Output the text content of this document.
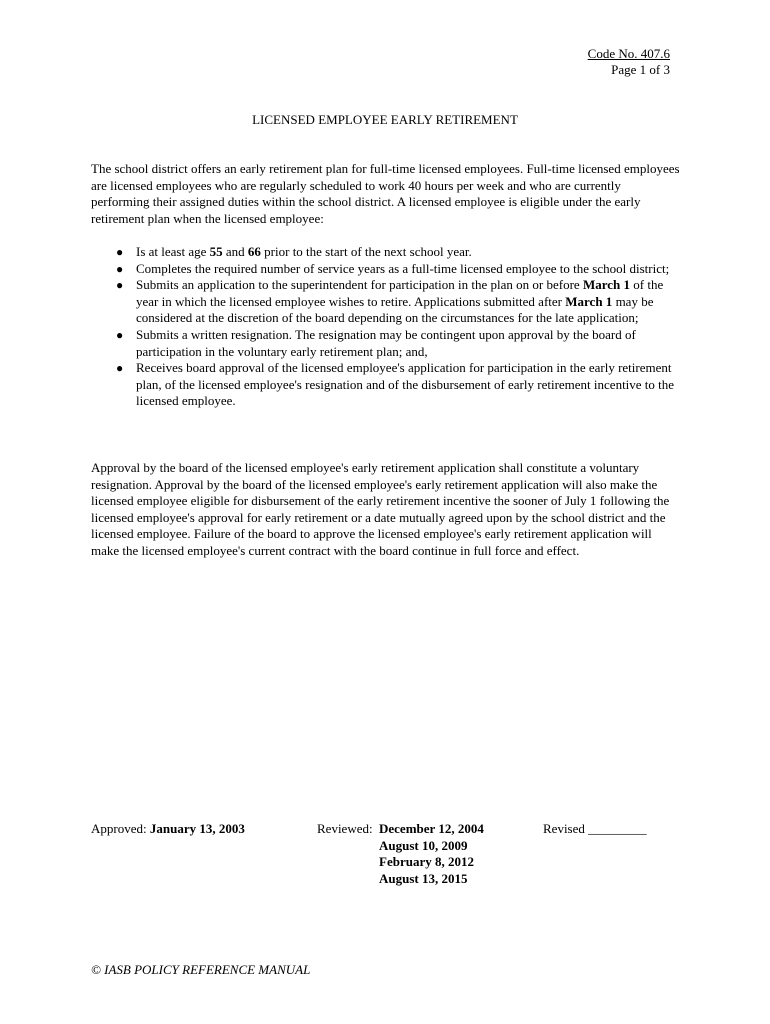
Code No. 407.6
Page 1 of 3
LICENSED EMPLOYEE EARLY RETIREMENT
The school district offers an early retirement plan for full-time licensed employees. Full-time licensed employees are licensed employees who are regularly scheduled to work 40 hours per week and who are currently performing their assigned duties within the school district. A licensed employee is eligible under the early retirement plan when the licensed employee:
● Is at least age 55 and 66 prior to the start of the next school year.
● Completes the required number of service years as a full-time licensed employee to the school district;
● Submits an application to the superintendent for participation in the plan on or before March 1 of the year in which the licensed employee wishes to retire. Applications submitted after March 1 may be considered at the discretion of the board depending on the circumstances for the late application;
● Submits a written resignation. The resignation may be contingent upon approval by the board of participation in the voluntary early retirement plan; and,
● Receives board approval of the licensed employee's application for participation in the early retirement plan, of the licensed employee's resignation and of the disbursement of early retirement incentive to the licensed employee.
Approval by the board of the licensed employee's early retirement application shall constitute a voluntary resignation. Approval by the board of the licensed employee's early retirement application will also make the licensed employee eligible for disbursement of the early retirement incentive the sooner of July 1 following the licensed employee's approval for early retirement or a date mutually agreed upon by the school district and the licensed employee. Failure of the board to approve the licensed employee's early retirement application will make the licensed employee's current contract with the board continue in full force and effect.
Approved: January 13, 2003	Reviewed: December 12, 2004
August 10, 2009
February 8, 2012
August 13, 2015
Revised _________
© IASB POLICY REFERENCE MANUAL
